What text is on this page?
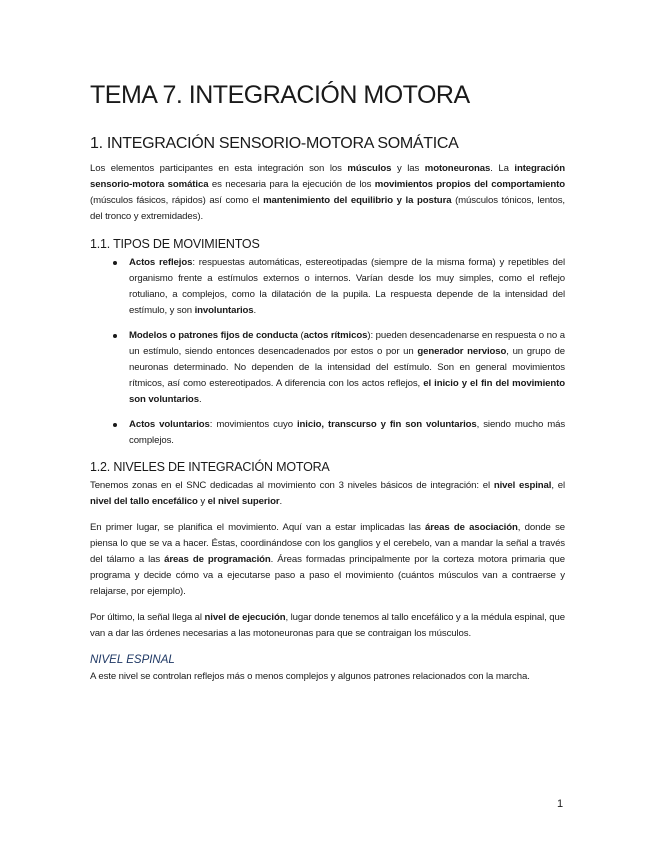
TEMA 7. INTEGRACIÓN MOTORA
1. INTEGRACIÓN SENSORIO-MOTORA SOMÁTICA

Los elementos participantes en esta integración son los músculos y las motoneuronas. La integración sensorio-motora somática es necesaria para la ejecución de los movimientos propios del comportamiento (músculos fásicos, rápidos) así como el mantenimiento del equilibrio y la postura (músculos tónicos, lentos, del tronco y extremidades).

1.1. TIPOS DE MOVIMIENTOS
Actos reflejos: respuestas automáticas, estereotipadas (siempre de la misma forma) y repetibles del organismo frente a estímulos externos o internos. Varían desde los muy simples, como el reflejo rotuliano, a complejos, como la dilatación de la pupila. La respuesta depende de la intensidad del estímulo, y son involuntarios.
Modelos o patrones fijos de conducta (actos rítmicos): pueden desencadenarse en respuesta o no a un estímulo, siendo entonces desencadenados por estos o por un generador nervioso, un grupo de neuronas determinado. No dependen de la intensidad del estímulo. Son en general movimientos rítmicos, así como estereotipados. A diferencia con los actos reflejos, el inicio y el fin del movimiento son voluntarios.
Actos voluntarios: movimientos cuyo inicio, transcurso y fin son voluntarios, siendo mucho más complejos.
1.2. NIVELES DE INTEGRACIÓN MOTORA

Tenemos zonas en el SNC dedicadas al movimiento con 3 niveles básicos de integración: el nivel espinal, el nivel del tallo encefálico y el nivel superior.

En primer lugar, se planifica el movimiento. Aquí van a estar implicadas las áreas de asociación, donde se piensa lo que se va a hacer. Éstas, coordinándose con los ganglios y el cerebelo, van a mandar la señal a través del tálamo a las áreas de programación. Áreas formadas principalmente por la corteza motora primaria que programa y decide cómo va a ejecutarse paso a paso el movimiento (cuántos músculos van a contraerse y relajarse, por ejemplo).

Por último, la señal llega al nivel de ejecución, lugar donde tenemos al tallo encefálico y a la médula espinal, que van a dar las órdenes necesarias a las motoneuronas para que se contraigan los músculos.

NIVEL ESPINAL

A este nivel se controlan reflejos más o menos complejos y algunos patrones relacionados con la marcha.

1
